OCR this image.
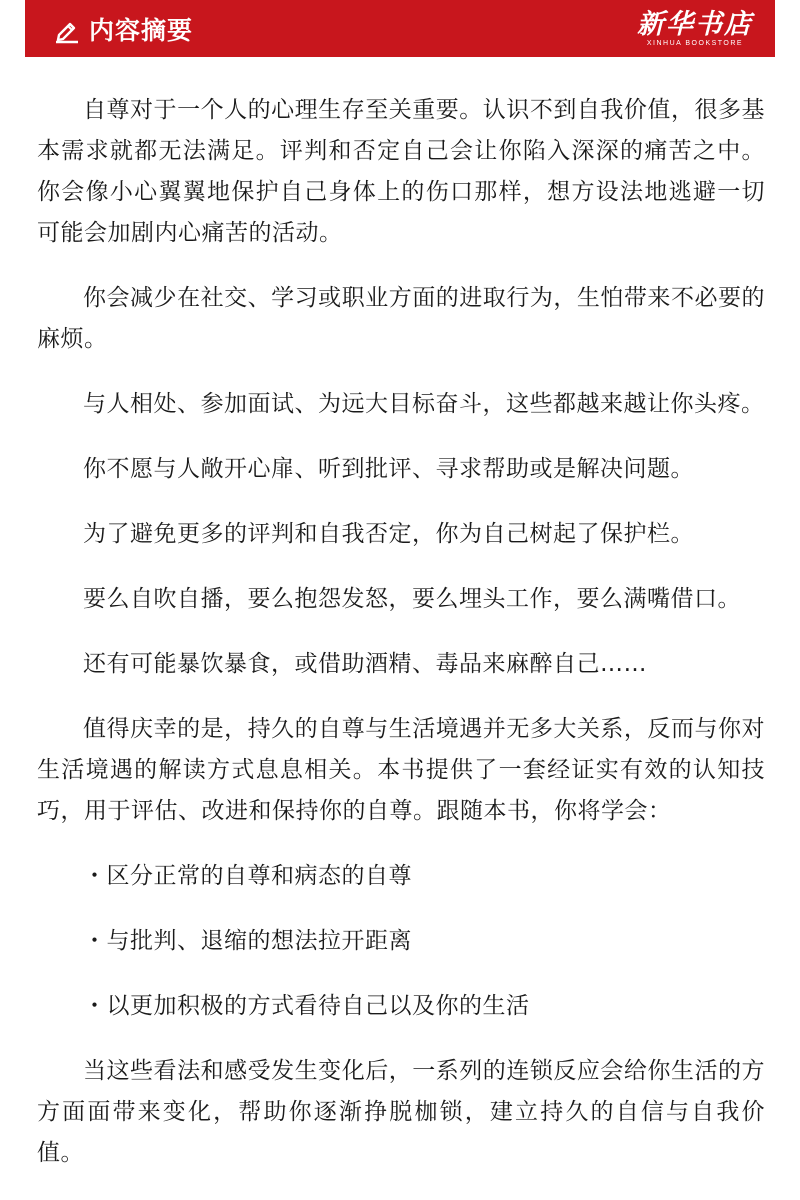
内容摘要	新华书店
XINHUA BOOKSTORE

自尊对于一个人的心理生存至关重要。认识不到自我价值，很多基本需求就都无法满足。评判和否定自己会让你陷入深深的痛苦之中。你会像小心翼翼地保护自己身体上的伤口那样，想方设法地逃避一切可能会加剧内心痛苦的活动。

你会减少在社交、学习或职业方面的进取行为，生怕带来不必要的麻烦。

与人相处、参加面试、为远大目标奋斗，这些都越来越让你头疼。

你不愿与人敞开心扉、听到批评、寻求帮助或是解决问题。

为了避免更多的评判和自我否定，你为自己树起了保护栏。

要么自吹自播，要么抱怨发怒，要么埋头工作，要么满嘴借口。

还有可能暴饮暴食，或借助酒精、毒品来麻醉自己……

值得庆幸的是，持久的自尊与生活境遇并无多大关系，反而与你对生活境遇的解读方式息息相关。本书提供了一套经证实有效的认知技巧，用于评估、改进和保持你的自尊。跟随本书，你将学会：

・区分正常的自尊和病态的自尊

・与批判、退缩的想法拉开距离

・以更加积极的方式看待自己以及你的生活

当这些看法和感受发生变化后，一系列的连锁反应会给你生活的方方面面带来变化，帮助你逐渐挣脱枷锁，建立持久的自信与自我价值。
